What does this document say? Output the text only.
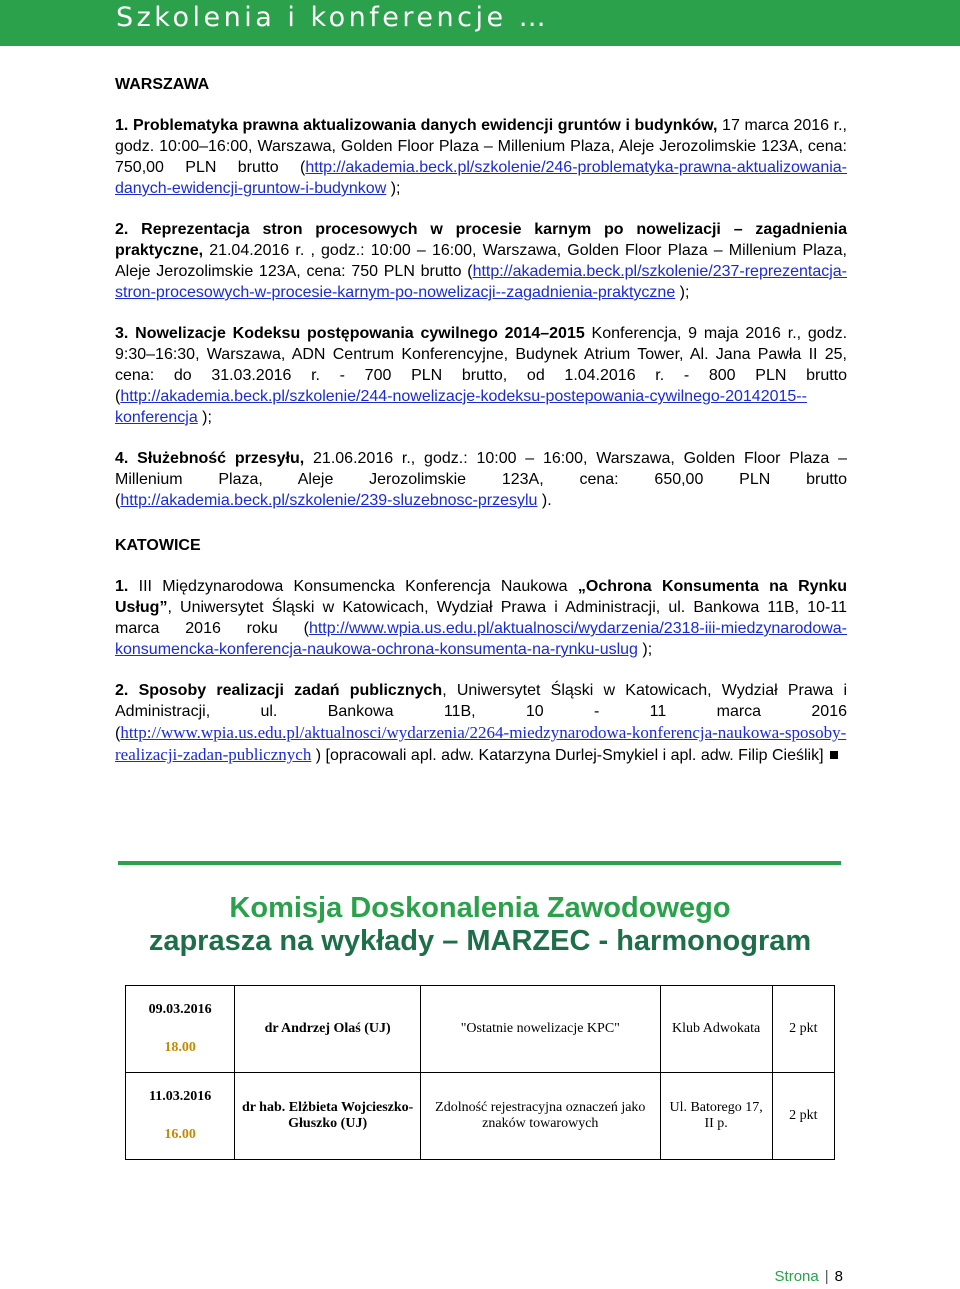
Szkolenia i konferencje …
WARSZAWA
1. Problematyka prawna aktualizowania danych ewidencji gruntów i budynków, 17 marca 2016 r., godz. 10:00–16:00, Warszawa, Golden Floor Plaza – Millenium Plaza, Aleje Jerozolimskie 123A, cena: 750,00 PLN brutto (http://akademia.beck.pl/szkolenie/246-problematyka-prawna-aktualizowania-danych-ewidencji-gruntow-i-budynkow );
2. Reprezentacja stron procesowych w procesie karnym po nowelizacji – zagadnienia praktyczne, 21.04.2016 r. , godz.: 10:00 – 16:00, Warszawa, Golden Floor Plaza – Millenium Plaza, Aleje Jerozolimskie 123A, cena: 750 PLN brutto (http://akademia.beck.pl/szkolenie/237-reprezentacja-stron-procesowych-w-procesie-karnym-po-nowelizacji--zagadnienia-praktyczne );
3. Nowelizacje Kodeksu postępowania cywilnego 2014–2015 Konferencja, 9 maja 2016 r., godz. 9:30–16:30, Warszawa, ADN Centrum Konferencyjne, Budynek Atrium Tower, Al. Jana Pawła II 25, cena: do 31.03.2016 r. - 700 PLN brutto, od 1.04.2016 r. - 800 PLN brutto (http://akademia.beck.pl/szkolenie/244-nowelizacje-kodeksu-postepowania-cywilnego-20142015--konferencja );
4. Służebność przesyłu, 21.06.2016 r., godz.: 10:00 – 16:00, Warszawa, Golden Floor Plaza – Millenium Plaza, Aleje Jerozolimskie 123A, cena: 650,00 PLN brutto (http://akademia.beck.pl/szkolenie/239-sluzebnosc-przesylu ).
KATOWICE
1. III Międzynarodowa Konsumencka Konferencja Naukowa „Ochrona Konsumenta na Rynku Usług”, Uniwersytet Śląski w Katowicach, Wydział Prawa i Administracji, ul. Bankowa 11B, 10-11 marca 2016 roku (http://www.wpia.us.edu.pl/aktualnosci/wydarzenia/2318-iii-miedzynarodowa-konsumencka-konferencja-naukowa-ochrona-konsumenta-na-rynku-uslug );
2. Sposoby realizacji zadań publicznych, Uniwersytet Śląski w Katowicach, Wydział Prawa i Administracji, ul. Bankowa 11B, 10 - 11 marca 2016 (http://www.wpia.us.edu.pl/aktualnosci/wydarzenia/2264-miedzynarodowa-konferencja-naukowa-sposoby-realizacji-zadan-publicznych ) [opracowali apl. adw. Katarzyna Durlej-Smykiel i apl. adw. Filip Cieślik]
Komisja Doskonalenia Zawodowego
zaprasza na wykłady – MARZEC - harmonogram
09.03.2016
18.00	dr Andrzej Olaś (UJ)	"Ostatnie nowelizacje KPC"	Klub Adwokata	2 pkt
11.03.2016
16.00	dr hab. Elżbieta Wojcieszko-Głuszko (UJ)	Zdolność rejestracyjna oznaczeń jako znaków towarowych	Ul. Batorego 17, II p.	2 pkt
Strona | 8
